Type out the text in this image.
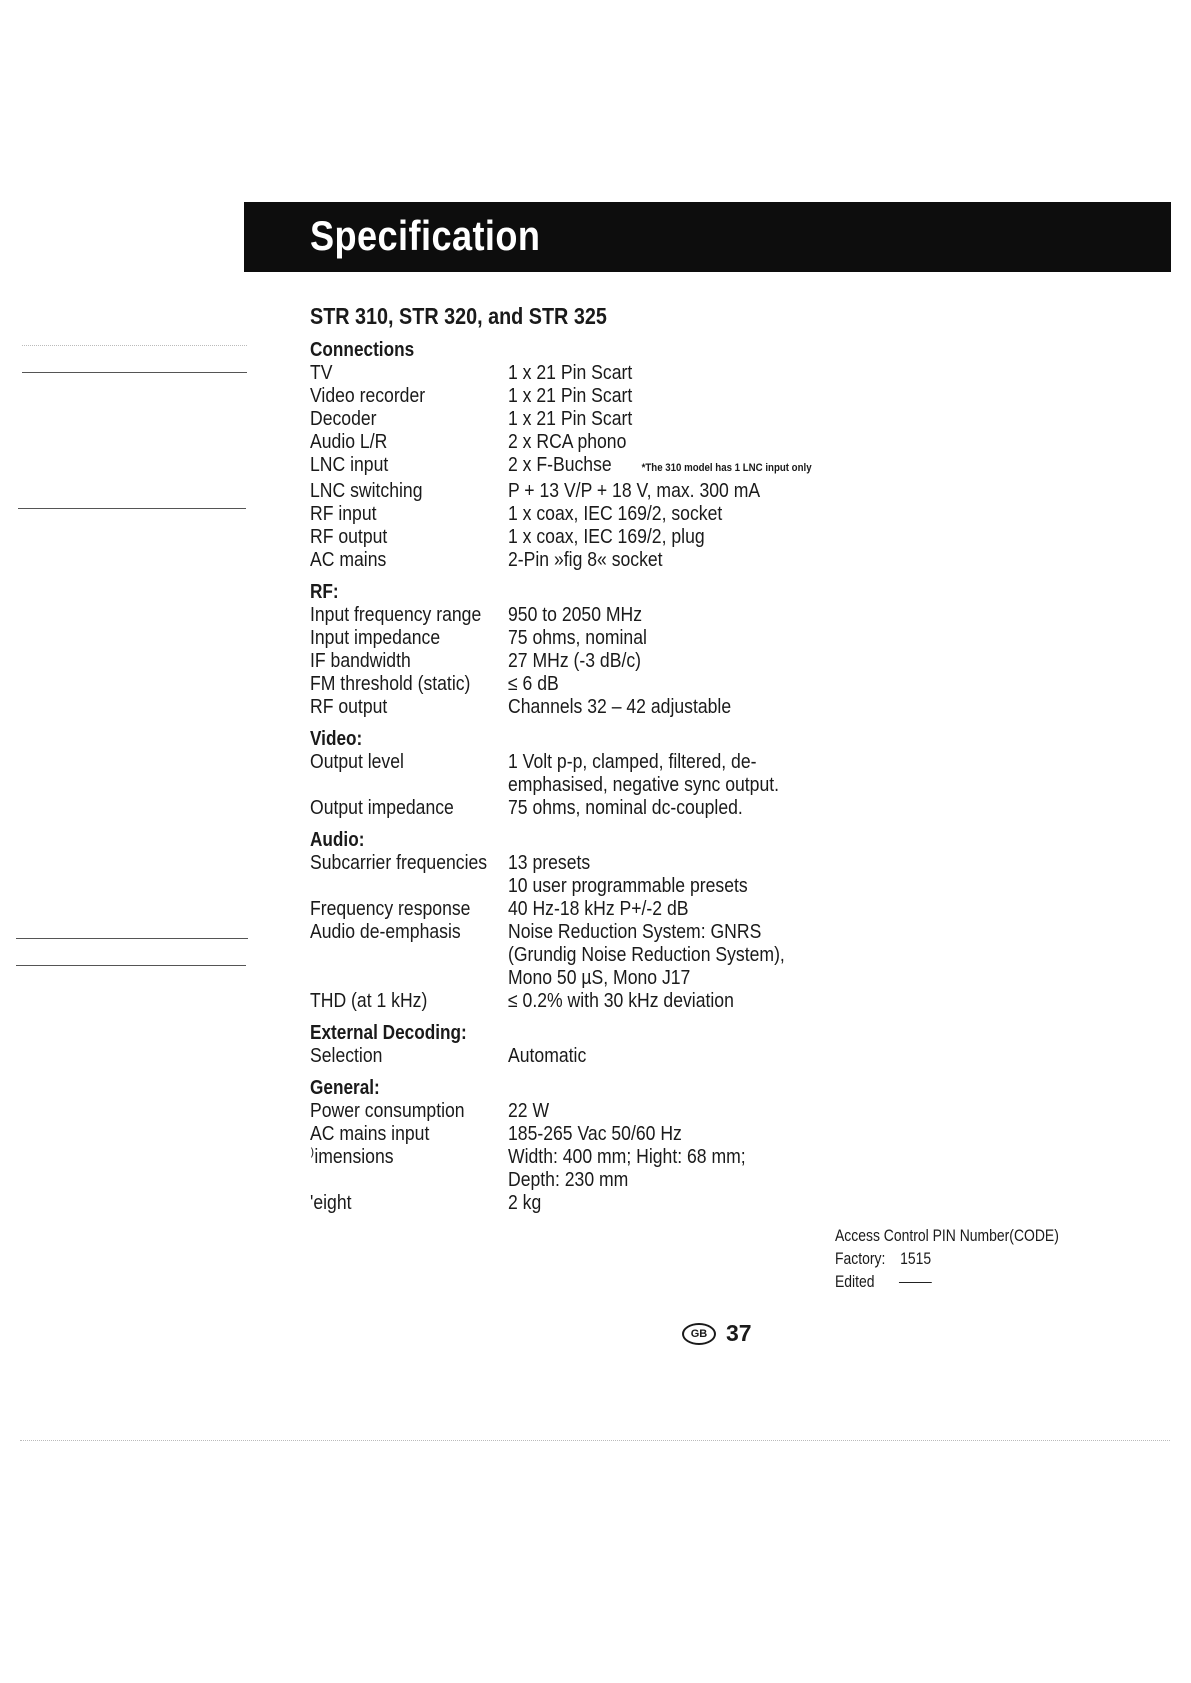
Specification
STR 310, STR 320, and STR 325
Connections
TV	1 x 21 Pin Scart
Video recorder	1 x 21 Pin Scart
Decoder	1 x 21 Pin Scart
Audio L/R	2 x RCA phono
LNC input	2 x F-Buchse	*The 310 model has 1 LNC input only
LNC switching	P + 13 V/P + 18 V, max. 300 mA
RF input	1 x coax, IEC 169/2, socket
RF output	1 x coax, IEC 169/2, plug
AC mains	2-Pin »fig 8« socket
RF:
Input frequency range 950 to 2050 MHz
Input impedance	75 ohms, nominal
IF bandwidth	27 MHz (-3 dB/c)
FM threshold (static)	≤ 6 dB
RF output	Channels 32 – 42 adjustable
Video:
Output level	1 Volt p-p, clamped, filtered, de-
emphasised, negative sync output.
Output impedance	75 ohms, nominal dc-coupled.
Audio:
Subcarrier frequencies 13 presets
10 user programmable presets
Frequency response	40 Hz-18 kHz P+/-2 dB
Audio de-emphasis	Noise Reduction System: GNRS
(Grundig Noise Reduction System),
Mono 50 µS, Mono J17
THD (at 1 kHz)	≤ 0.2% with 30 kHz deviation
External Decoding:
Selection	Automatic
General:
Power consumption	22 W
ΑC mains input	185-265 Vac 50/60 Hz
⁾imensions	Width: 400 mm; Hight: 68 mm;
Depth: 230 mm
'eight	2 kg
Access Control PIN Number(CODE)
Factory: 1515
Edited
GB 37
